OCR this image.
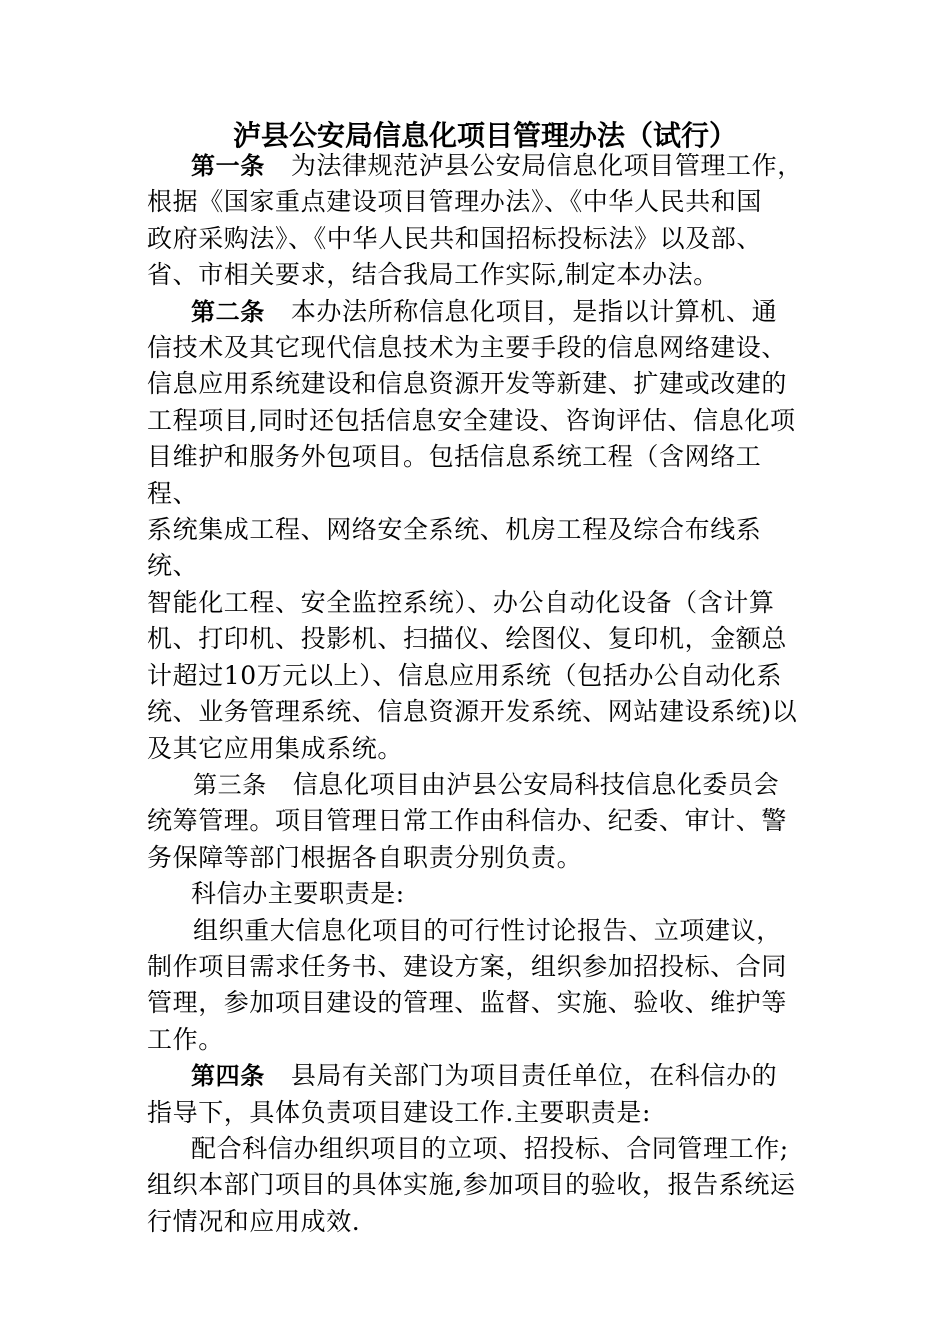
泸县公安局信息化项目管理办法（试行）
第一条 为法律规范泸县公安局信息化项目管理工作，
根据《国家重点建设项目管理办法》、《中华人民共和国
政府采购法》、《中华人民共和国招标投标法》以及部、
省、市相关要求，结合我局工作实际,制定本办法。
第二条 本办法所称信息化项目，是指以计算机、通
信技术及其它现代信息技术为主要手段的信息网络建设、
信息应用系统建设和信息资源开发等新建、扩建或改建的
工程项目,同时还包括信息安全建设、咨询评估、信息化项
目维护和服务外包项目。包括信息系统工程（含网络工程、
系统集成工程、网络安全系统、机房工程及综合布线系统、
智能化工程、安全监控系统）、办公自动化设备（含计算
机、打印机、投影机、扫描仪、绘图仪、复印机，金额总
计超过10万元以上）、信息应用系统（包括办公自动化系
统、业务管理系统、信息资源开发系统、网站建设系统)以
及其它应用集成系统。
第三条 信息化项目由泸县公安局科技信息化委员会
统筹管理。项目管理日常工作由科信办、纪委、审计、警
务保障等部门根据各自职责分别负责。
科信办主要职责是:
组织重大信息化项目的可行性讨论报告、立项建议，
制作项目需求任务书、建设方案，组织参加招投标、合同
管理，参加项目建设的管理、监督、实施、验收、维护等
工作。
第四条 县局有关部门为项目责任单位，在科信办的
指导下，具体负责项目建设工作.主要职责是:
配合科信办组织项目的立项、招投标、合同管理工作;
组织本部门项目的具体实施,参加项目的验收，报告系统运
行情况和应用成效.
